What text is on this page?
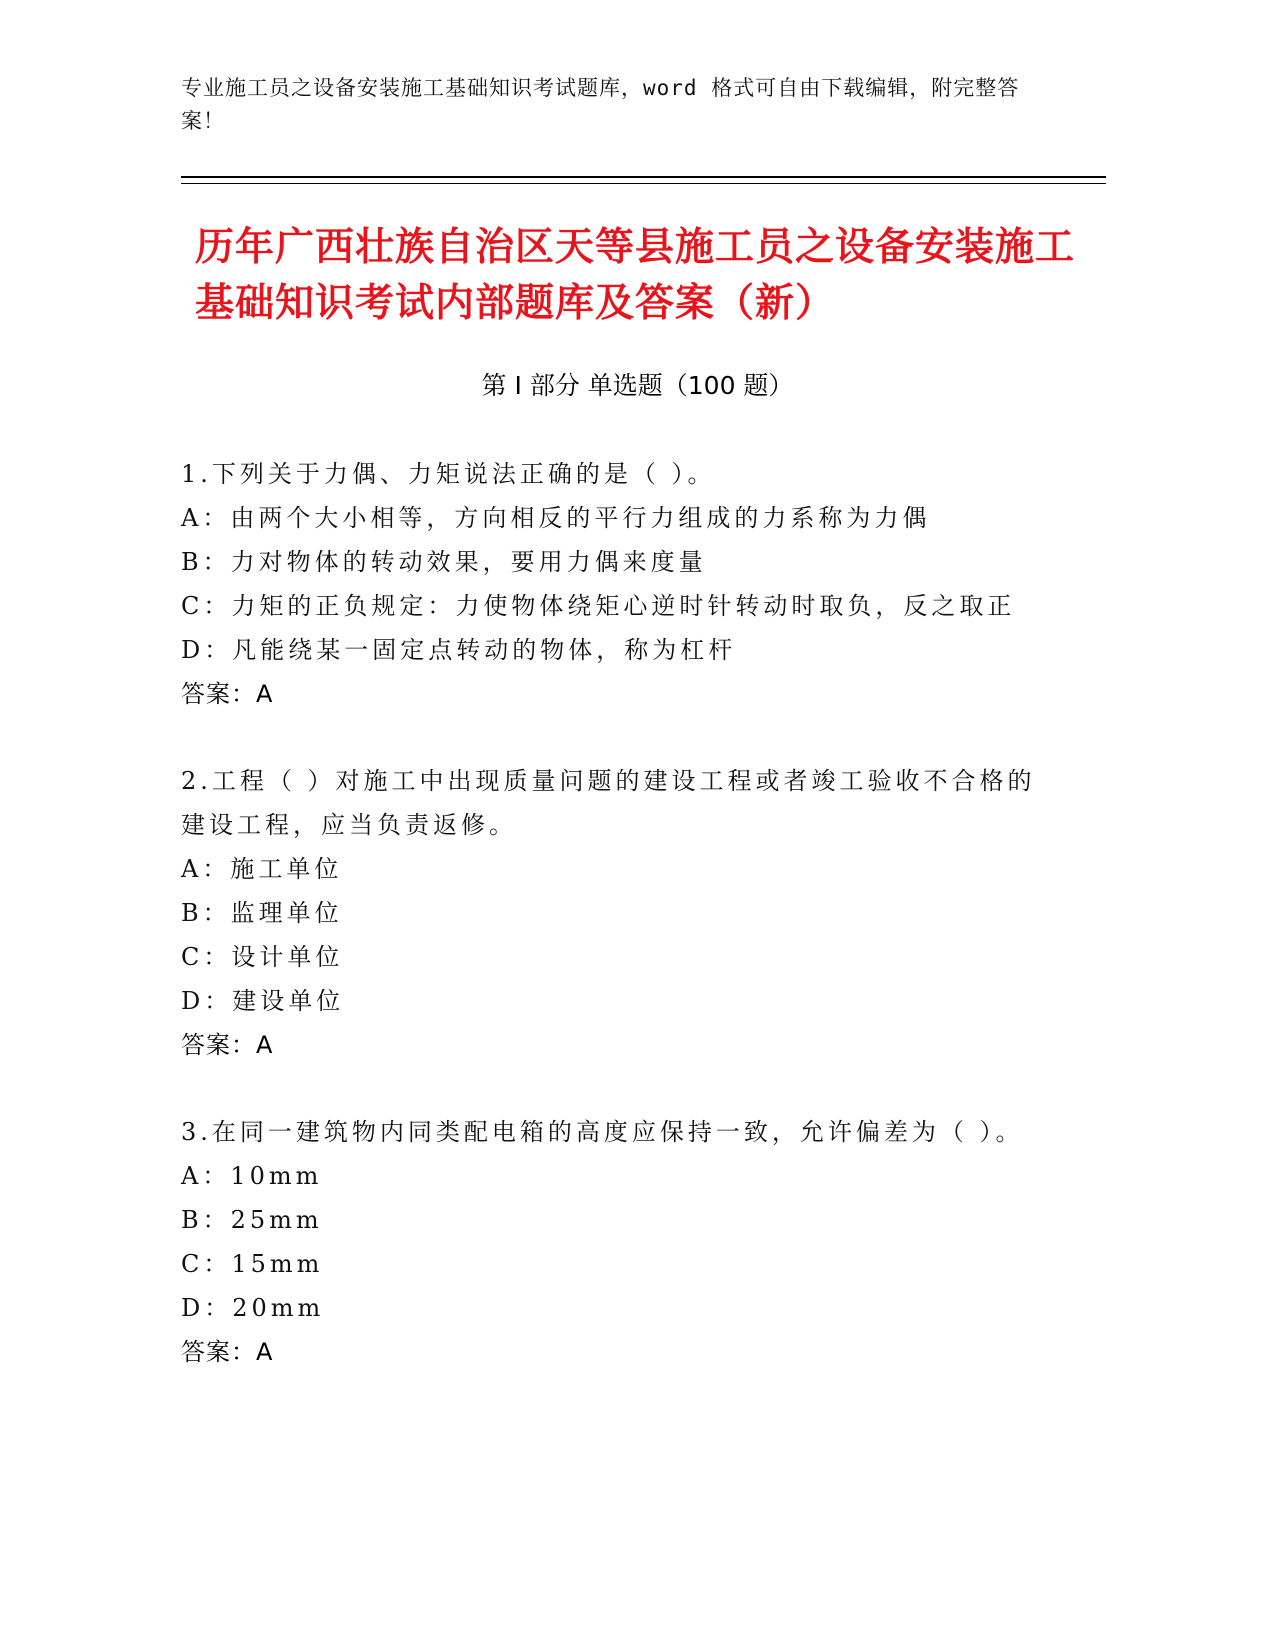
专业施工员之设备安装施工基础知识考试题库，word 格式可自由下载编辑，附完整答案！
历年广西壮族自治区天等县施工员之设备安装施工基础知识考试内部题库及答案（新）
第 I 部分 单选题（100 题）
1.下列关于力偶、力矩说法正确的是（ ）。
A：由两个大小相等，方向相反的平行力组成的力系称为力偶
B：力对物体的转动效果，要用力偶来度量
C：力矩的正负规定：力使物体绕矩心逆时针转动时取负，反之取正
D：凡能绕某一固定点转动的物体，称为杠杆
答案：A
2.工程（ ）对施工中出现质量问题的建设工程或者竣工验收不合格的建设工程，应当负责返修。
A：施工单位
B：监理单位
C：设计单位
D：建设单位
答案：A
3.在同一建筑物内同类配电箱的高度应保持一致，允许偏差为（ ）。
A：10mm
B：25mm
C：15mm
D：20mm
答案：A
